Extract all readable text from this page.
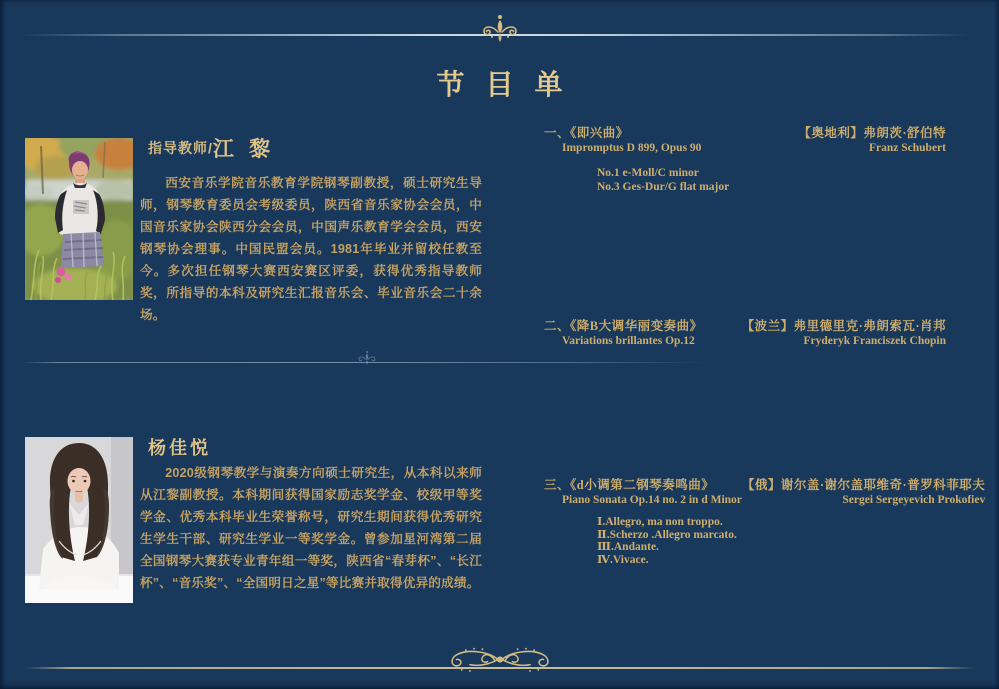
节 目 单
指导教师/江 黎

西安音乐学院音乐教育学院钢琴副教授，硕士研究生导师，钢琴教育委员会考级委员，陕西省音乐家协会会员，中国音乐家协会陕西分会会员，中国声乐教育学会会员，西安钢琴协会理事。中国民盟会员。1981年毕业并留校任教至今。多次担任钢琴大赛西安赛区评委，获得优秀指导教师奖，所指导的本科及研究生汇报音乐会、毕业音乐会二十余场。

杨佳悦

2020级钢琴教学与演奏方向硕士研究生，从本科以来师从江黎副教授。本科期间获得国家励志奖学金、校级甲等奖学金、优秀本科毕业生荣誉称号，研究生期间获得优秀研究生学生干部、研究生学业一等奖学金。曾参加星河湾第二届全国钢琴大赛获专业青年组一等奖，陕西省“春芽杯”、“长江杯”、“音乐奖”、“全国明日之星”等比赛并取得优异的成绩。

一、《即兴曲》
Impromptus D 899, Opus 90
【奥地利】弗朗茨·舒伯特
Franz Schubert
No.1 e-Moll/C minor
No.3 Ges-Dur/G flat major
二、《降B大调华丽变奏曲》
Variations brillantes Op.12
【波兰】弗里德里克·弗朗索瓦·肖邦
Fryderyk Franciszek Chopin
三、《d小调第二钢琴奏鸣曲》
Piano Sonata Op.14 no. 2 in d Minor
【俄】谢尔盖·谢尔盖耶维奇·普罗科菲耶夫
Sergei Sergeyevich Prokofiev
Ⅰ.Allegro, ma non troppo.
Ⅱ.Scherzo .Allegro marcato.
Ⅲ.Andante.
Ⅳ.Vivace.
